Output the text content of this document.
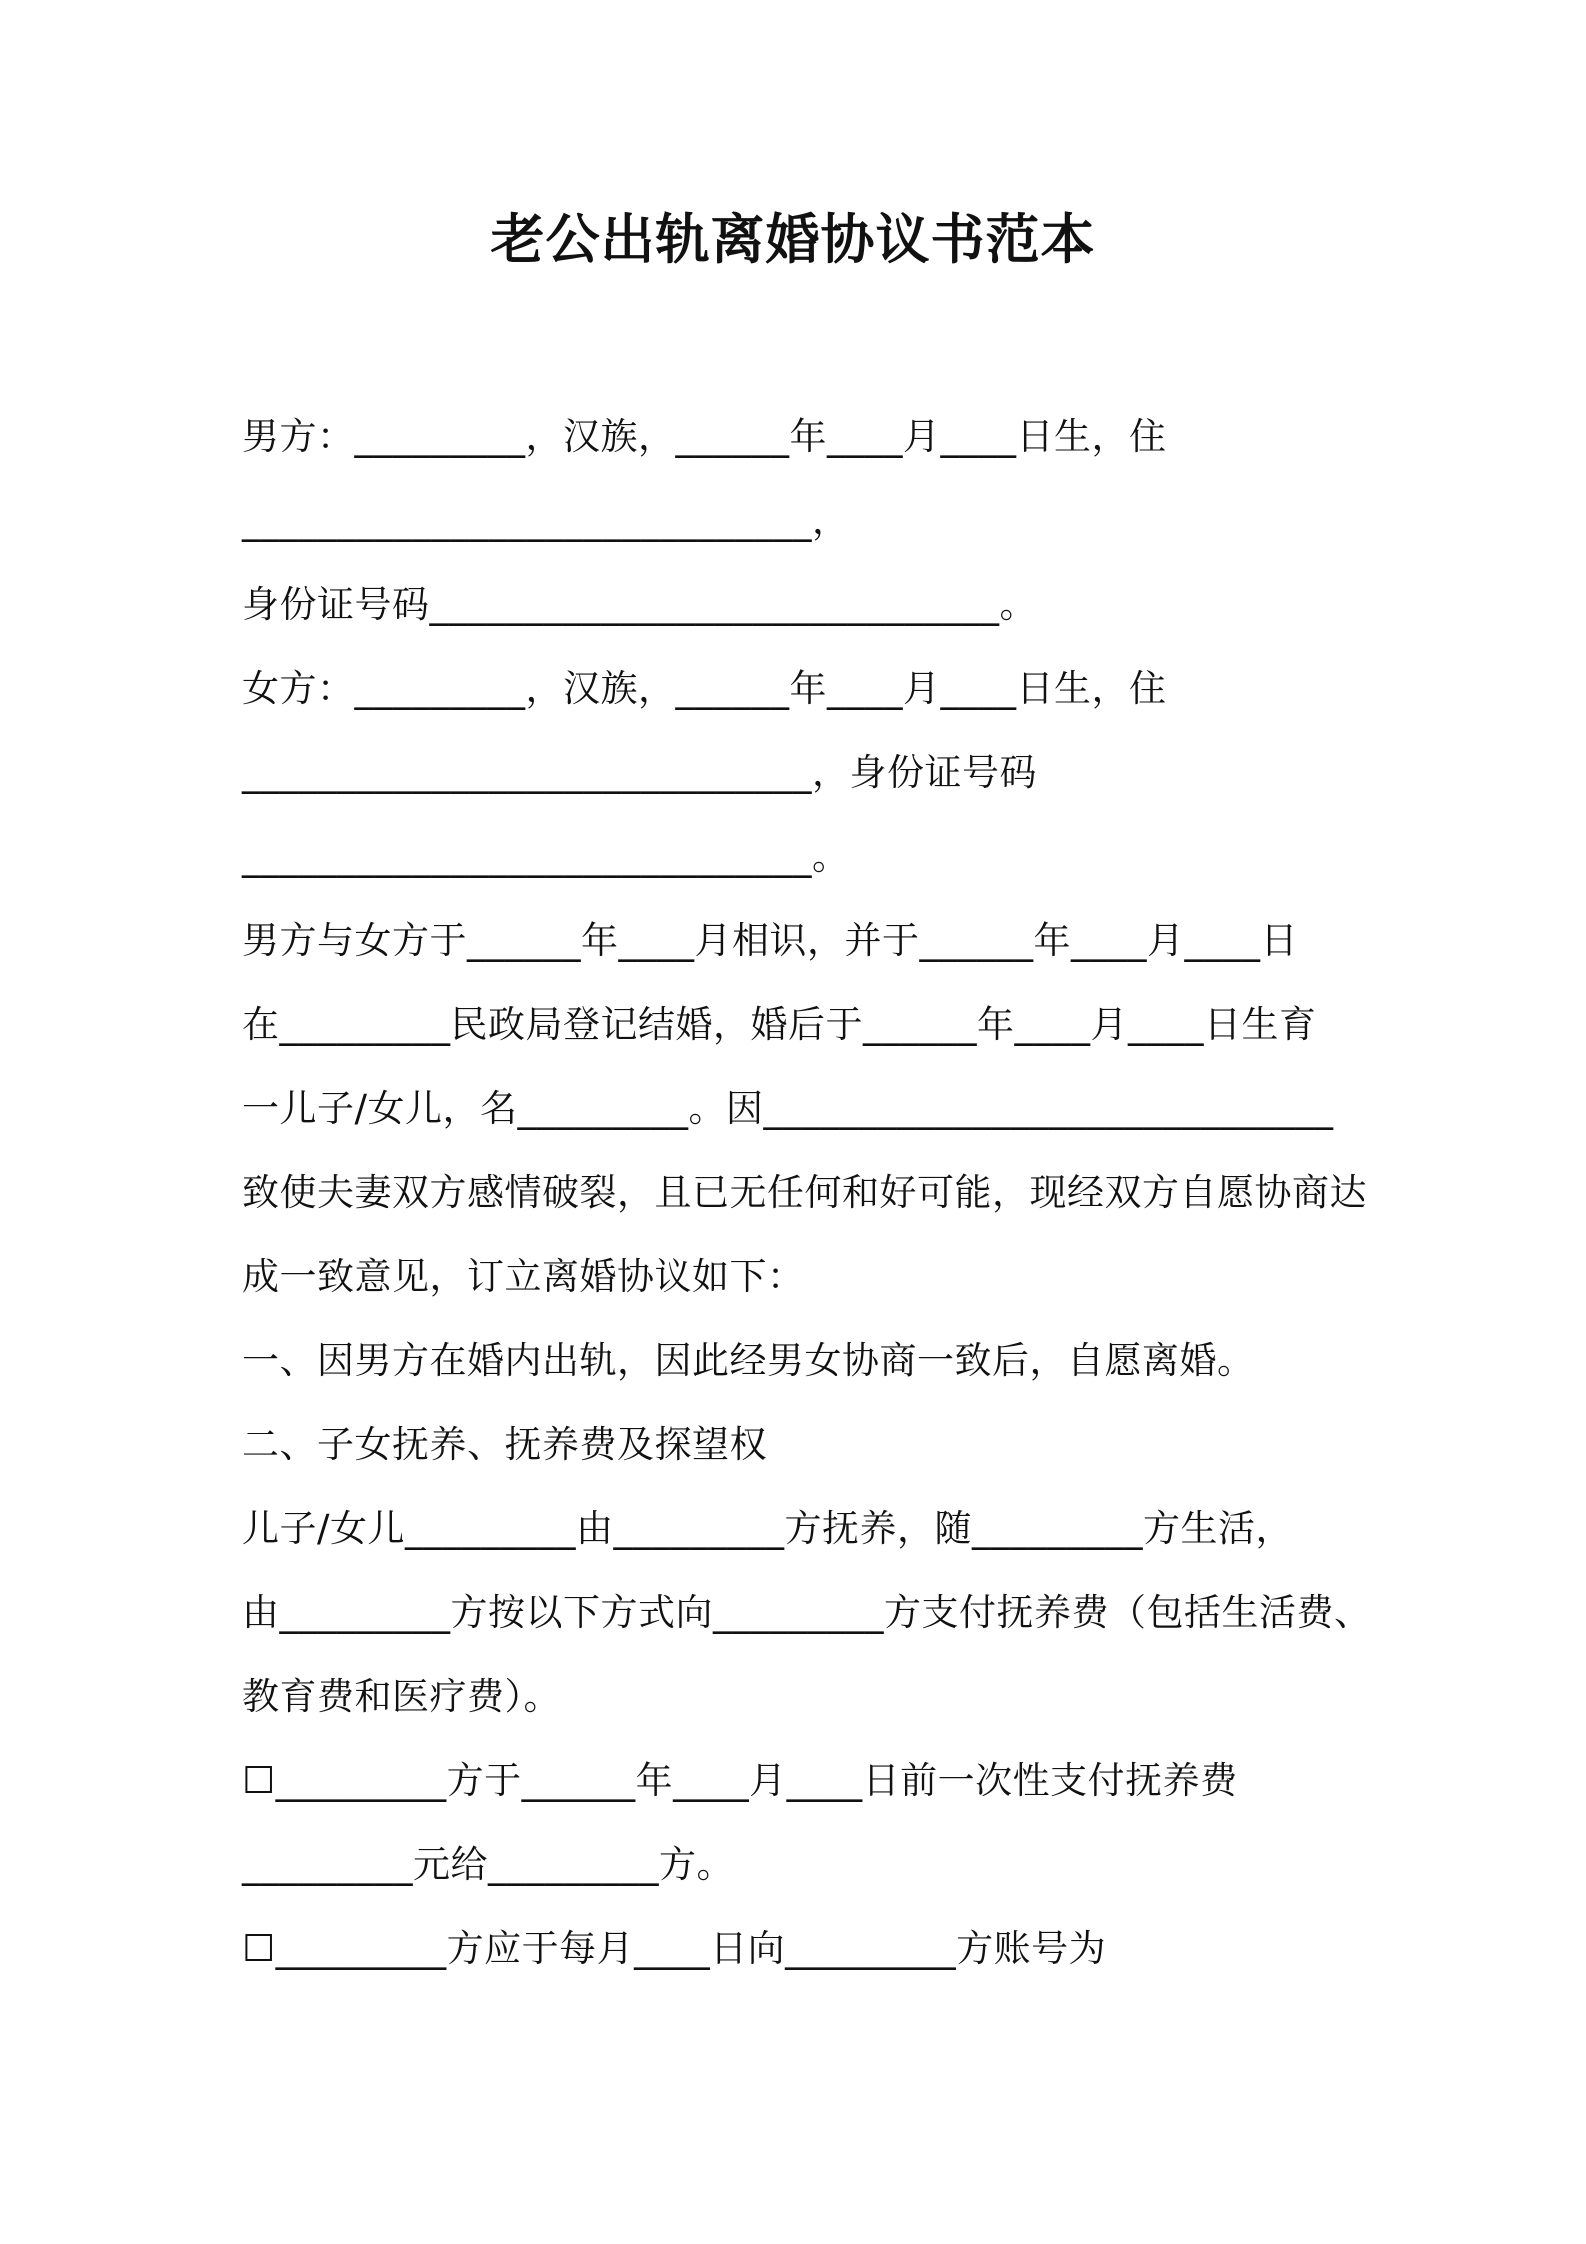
老公出轨离婚协议书范本
男方：_________，汉族，______年____月____日生，住
______________________________，
身份证号码______________________________。
女方：_________，汉族，______年____月____日生，住
______________________________，身份证号码
______________________________。
男方与女方于______年____月相识，并于______年____月____日
在_________民政局登记结婚，婚后于______年____月____日生育
一儿子/女儿，名_________。因______________________________
致使夫妻双方感情破裂，且已无任何和好可能，现经双方自愿协商达
成一致意见，订立离婚协议如下：
一、因男方在婚内出轨，因此经男女协商一致后，自愿离婚。
二、子女抚养、抚养费及探望权
儿子/女儿_________由_________方抚养，随_________方生活，
由_________方按以下方式向_________方支付抚养费（包括生活费、
教育费和医疗费）。
☐_________方于______年____月____日前一次性支付抚养费
_________元给_________方。
☐_________方应于每月____日向_________方账号为
